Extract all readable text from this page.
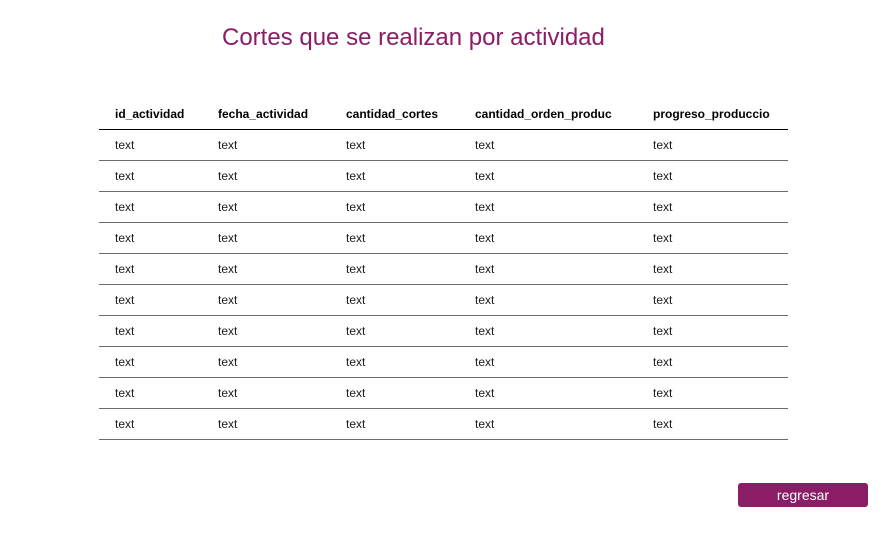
Cortes que se realizan por actividad
id_actividad	fecha_actividad	cantidad_cortes	cantidad_orden_produc	progreso_produccio
text	text	text	text	text
text	text	text	text	text
text	text	text	text	text
text	text	text	text	text
text	text	text	text	text
text	text	text	text	text
text	text	text	text	text
text	text	text	text	text
text	text	text	text	text
text	text	text	text	text
regresar
